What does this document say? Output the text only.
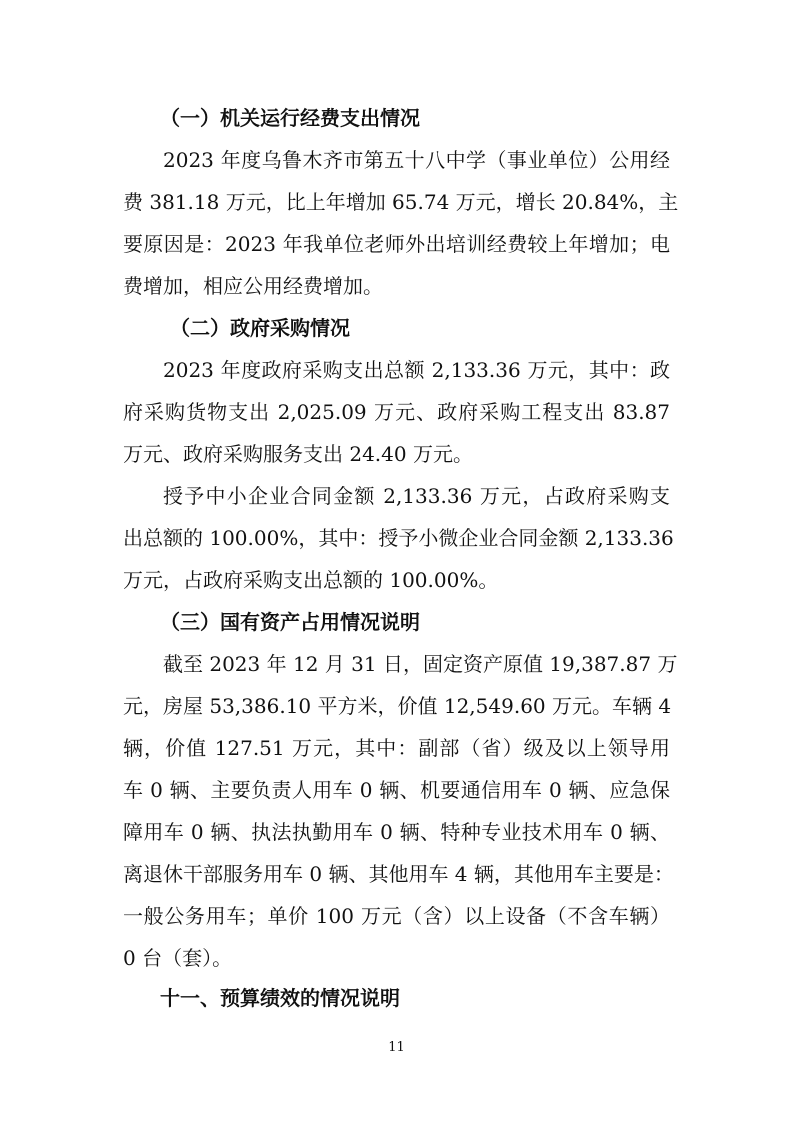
（一）机关运行经费支出情况

2023 年度乌鲁木齐市第五十八中学（事业单位）公用经

费 381.18 万元，比上年增加 65.74 万元，增长 20.84%，主

要原因是：2023 年我单位老师外出培训经费较上年增加；电

费增加，相应公用经费增加。

（二）政府采购情况

2023 年度政府采购支出总额 2,133.36 万元，其中：政

府采购货物支出 2,025.09 万元、政府采购工程支出 83.87

万元、政府采购服务支出 24.40 万元。

授予中小企业合同金额 2,133.36 万元，占政府采购支

出总额的 100.00%，其中：授予小微企业合同金额 2,133.36

万元，占政府采购支出总额的 100.00%。

（三）国有资产占用情况说明

截至 2023 年 12 月 31 日，固定资产原值 19,387.87 万

元，房屋 53,386.10 平方米，价值 12,549.60 万元。车辆 4

辆，价值 127.51 万元，其中：副部（省）级及以上领导用

车 0 辆、主要负责人用车 0 辆、机要通信用车 0 辆、应急保

障用车 0 辆、执法执勤用车 0 辆、特种专业技术用车 0 辆、

离退休干部服务用车 0 辆、其他用车 4 辆，其他用车主要是：

一般公务用车；单价 100 万元（含）以上设备（不含车辆）

0 台（套）。

十一、预算绩效的情况说明
11
